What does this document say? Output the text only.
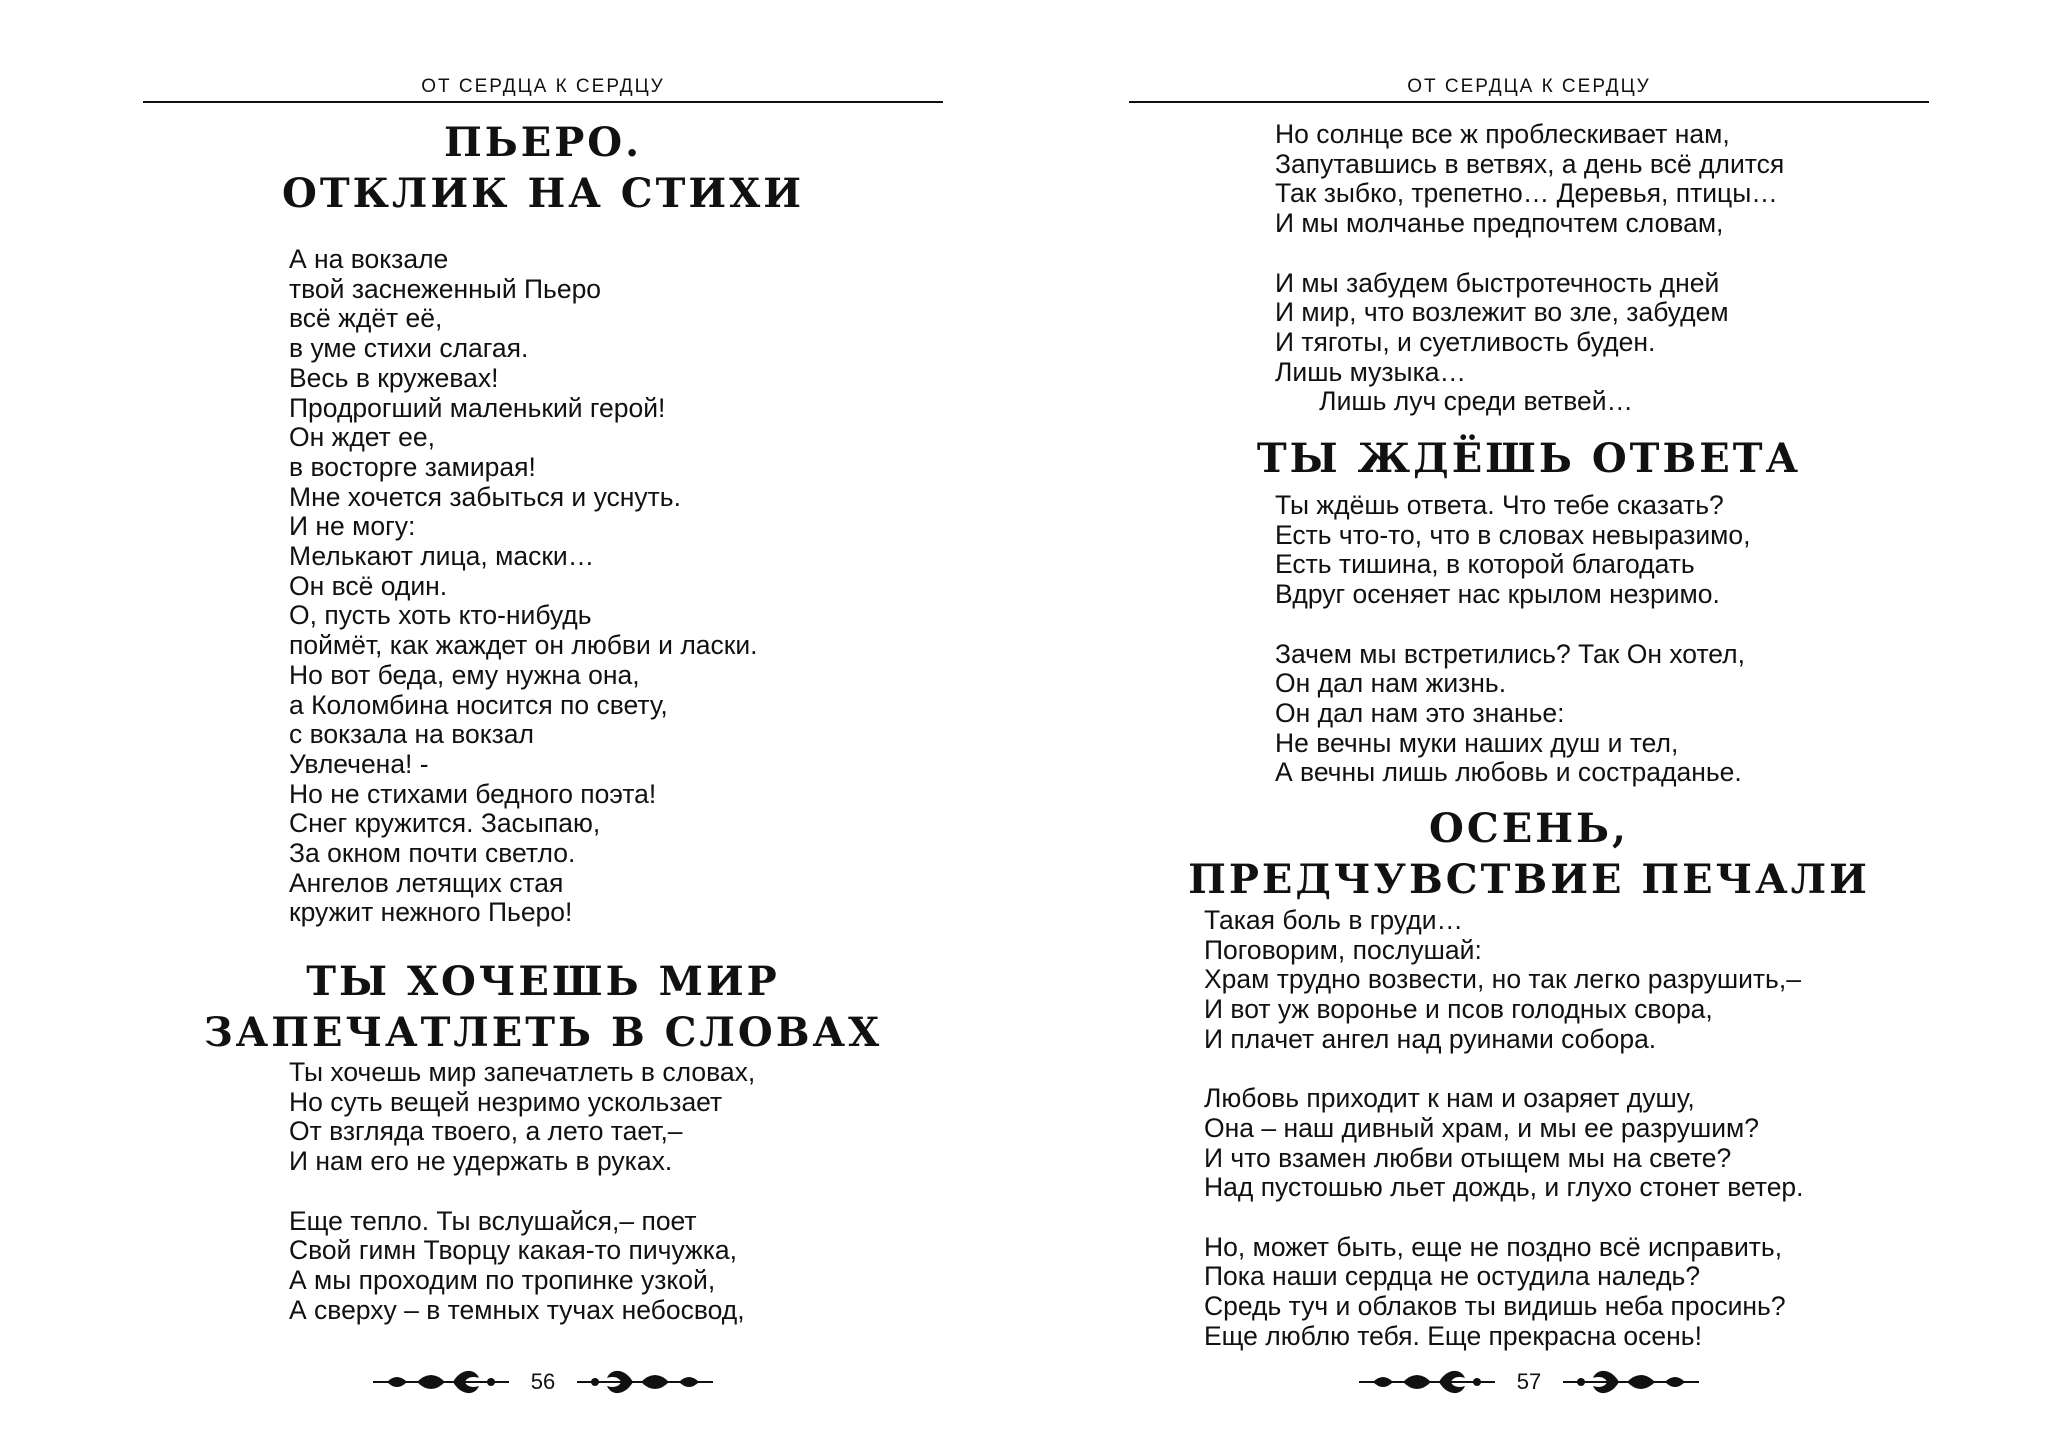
ОТ СЕРДЦА К СЕРДЦУ
ПЬЕРО.
ОТКЛИК НА СТИХИ
А на вокзале
твой заснеженный Пьеро
всё ждёт её,
в уме стихи слагая.
Весь в кружевах!
Продрогший маленький герой!
Он ждет ее,
в восторге замирая!
Мне хочется забыться и уснуть.
И не могу:
Мелькают лица, маски…
Он всё один.
О, пусть хоть кто-нибудь
поймёт, как жаждет он любви и ласки.
Но вот беда, ему нужна она,
а Коломбина носится по свету,
с вокзала на вокзал
Увлечена! -
Но не стихами бедного поэта!
Снег кружится. Засыпаю,
За окном почти светло.
Ангелов летящих стая
кружит нежного Пьеро!
ТЫ ХОЧЕШЬ МИР
ЗАПЕЧАТЛЕТЬ В СЛОВАХ
Ты хочешь мир запечатлеть в словах,
Но суть вещей незримо ускользает
От взгляда твоего, а лето тает,–
И нам его не удержать в руках.
Еще тепло. Ты вслушайся,– поет
Свой гимн Творцу какая-то пичужка,
А мы проходим по тропинке узкой,
А сверху – в темных тучах небосвод,
56
ОТ СЕРДЦА К СЕРДЦУ
Но солнце все ж проблескивает нам,
Запутавшись в ветвях, а день всё длится
Так зыбко, трепетно… Деревья, птицы…
И мы молчанье предпочтем словам,
И мы забудем быстротечность дней
И мир, что возлежит во зле, забудем
И тяготы, и суетливость буден.
Лишь музыка…
Лишь луч среди ветвей…
ТЫ ЖДЁШЬ ОТВЕТА
Ты ждёшь ответа. Что тебе сказать?
Есть что-то, что в словах невыразимо,
Есть тишина, в которой благодать
Вдруг осеняет нас крылом незримо.
Зачем мы встретились? Так Он хотел,
Он дал нам жизнь.
Он дал нам это знанье:
Не вечны муки наших душ и тел,
А вечны лишь любовь и состраданье.
ОСЕНЬ,
ПРЕДЧУВСТВИЕ ПЕЧАЛИ
Такая боль в груди…
Поговорим, послушай:
Храм трудно возвести, но так легко разрушить,–
И вот уж воронье и псов голодных свора,
И плачет ангел над руинами собора.
Любовь приходит к нам и озаряет душу,
Она – наш дивный храм, и мы ее разрушим?
И что взамен любви отыщем мы на свете?
Над пустошью льет дождь, и глухо стонет ветер.
Но, может быть, еще не поздно всё исправить,
Пока наши сердца не остудила наледь?
Средь туч и облаков ты видишь неба просинь?
Еще люблю тебя. Еще прекрасна осень!
57
